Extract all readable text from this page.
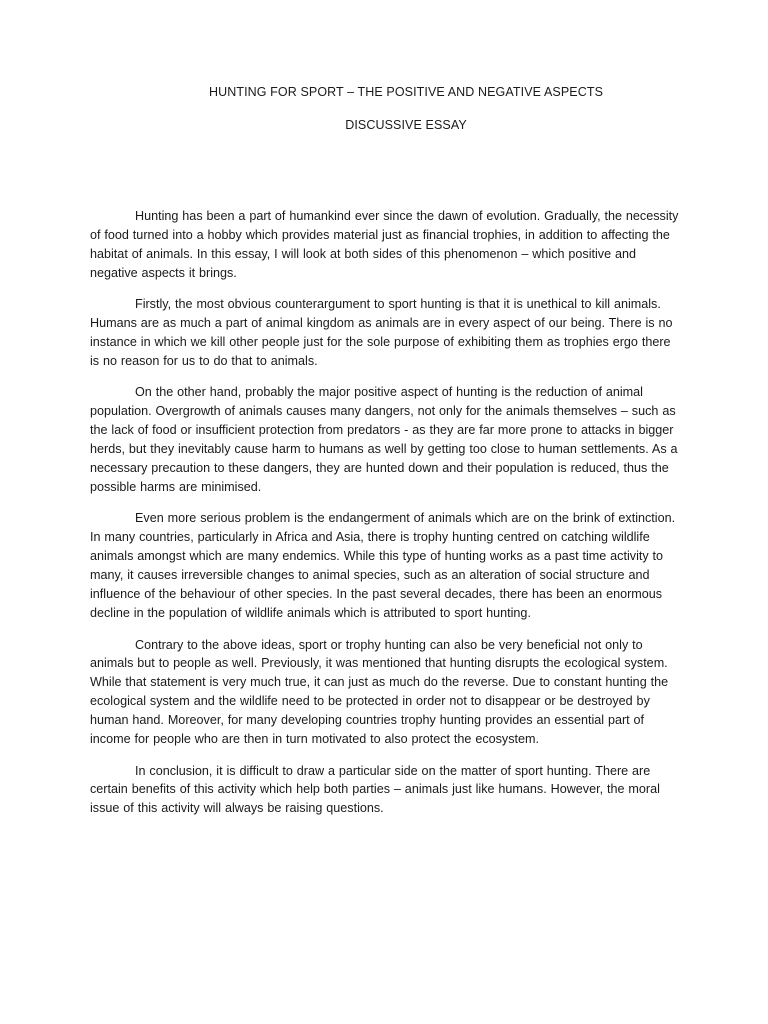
HUNTING FOR SPORT – THE POSITIVE AND NEGATIVE ASPECTS
DISCUSSIVE ESSAY

Hunting has been a part of humankind ever since the dawn of evolution. Gradually, the necessity of food turned into a hobby which provides material just as financial trophies, in addition to affecting the habitat of animals. In this essay, I will look at both sides of this phenomenon – which positive and negative aspects it brings.

Firstly, the most obvious counterargument to sport hunting is that it is unethical to kill animals. Humans are as much a part of animal kingdom as animals are in every aspect of our being. There is no instance in which we kill other people just for the sole purpose of exhibiting them as trophies ergo there is no reason for us to do that to animals.

On the other hand, probably the major positive aspect of hunting is the reduction of animal population. Overgrowth of animals causes many dangers, not only for the animals themselves – such as the lack of food or insufficient protection from predators - as they are far more prone to attacks in bigger herds, but they inevitably cause harm to humans as well by getting too close to human settlements. As a necessary precaution to these dangers, they are hunted down and their population is reduced, thus the possible harms are minimised.

Even more serious problem is the endangerment of animals which are on the brink of extinction. In many countries, particularly in Africa and Asia, there is trophy hunting centred on catching wildlife animals amongst which are many endemics. While this type of hunting works as a past time activity to many, it causes irreversible changes to animal species, such as an alteration of social structure and influence of the behaviour of other species. In the past several decades, there has been an enormous decline in the population of wildlife animals which is attributed to sport hunting.

Contrary to the above ideas, sport or trophy hunting can also be very beneficial not only to animals but to people as well. Previously, it was mentioned that hunting disrupts the ecological system. While that statement is very much true, it can just as much do the reverse. Due to constant hunting the ecological system and the wildlife need to be protected in order not to disappear or be destroyed by human hand. Moreover, for many developing countries trophy hunting provides an essential part of income for people who are then in turn motivated to also protect the ecosystem.

In conclusion, it is difficult to draw a particular side on the matter of sport hunting. There are certain benefits of this activity which help both parties – animals just like humans. However, the moral issue of this activity will always be raising questions.
